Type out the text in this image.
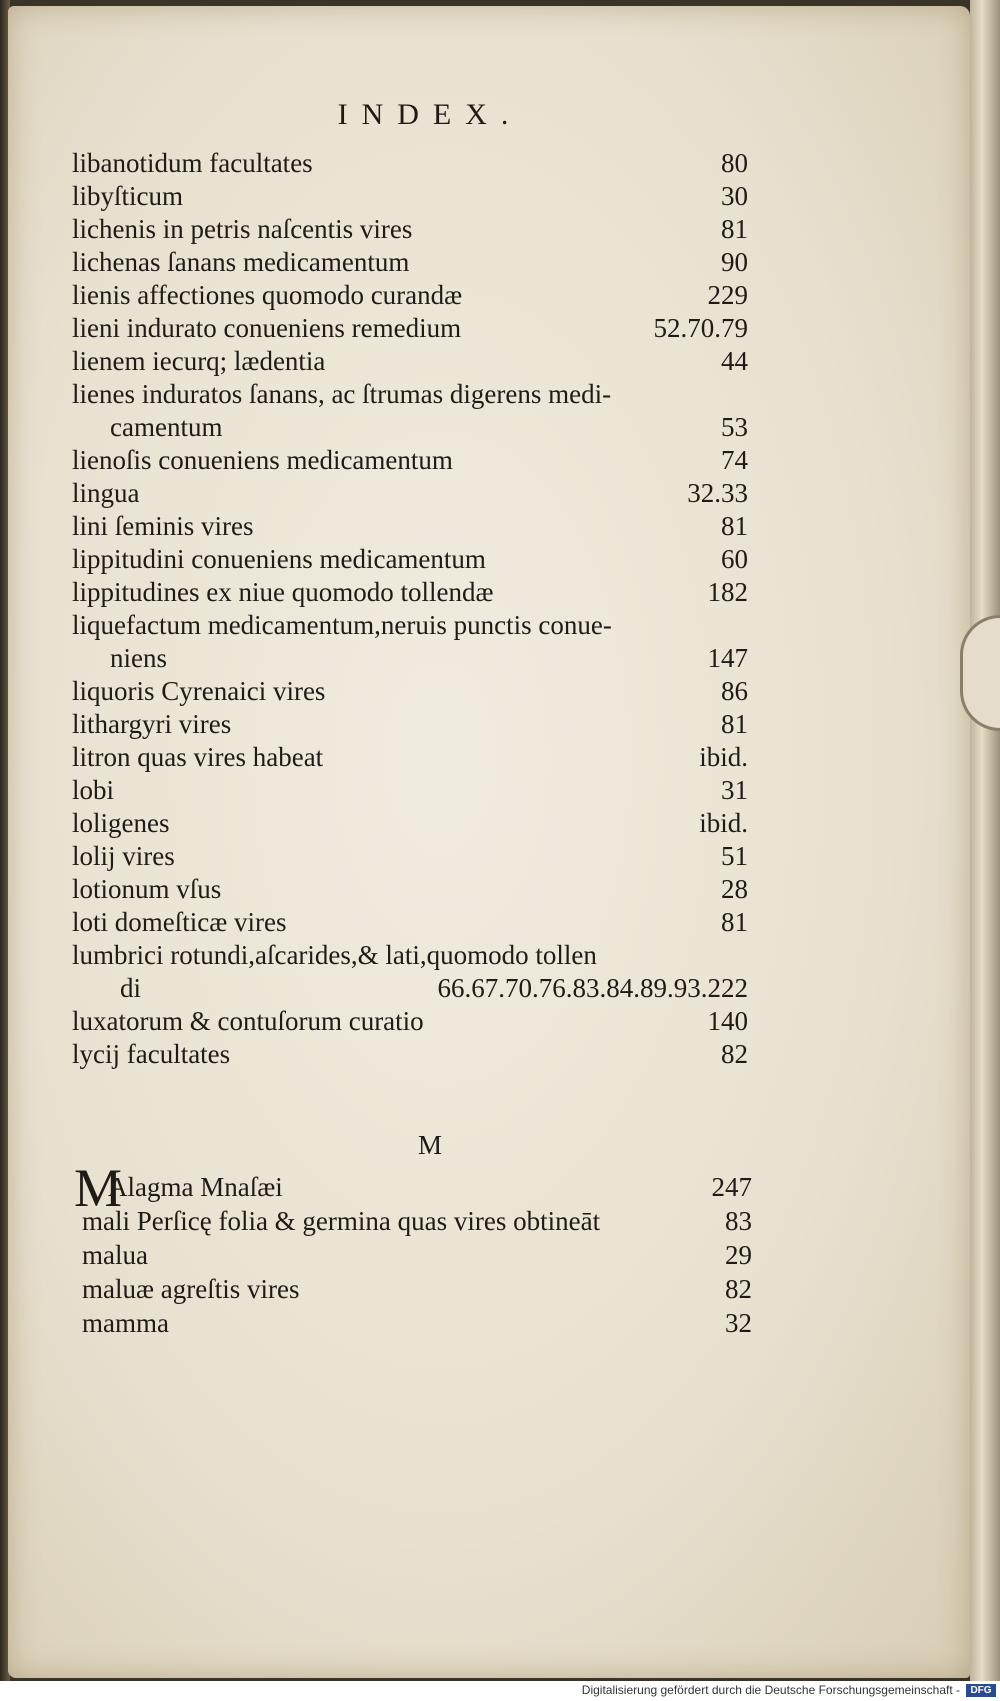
INDEX.
libanotidum facultates	80
libyſticum	30
lichenis in petris naſcentis vires	81
lichenas ſanans medicamentum	90
lienis affectiones quomodo curandæ	229
lieni indurato conueniens remedium	52.70.79
lienem iecurq; lædentia	44
lienes induratos ſanans, ac ſtrumas digerens medi-
camentum	53
lienoſis conueniens medicamentum	74
lingua	32.33
lini ſeminis vires	81
lippitudini conueniens medicamentum	60
lippitudines ex niue quomodo tollendæ	182
liquefactum medicamentum,neruis punctis conue-
niens	147
liquoris Cyrenaici vires	86
lithargyri vires	81
litron quas vires habeat	ibid.
lobi	31
loligenes	ibid.
lolij vires	51
lotionum vſus	28
loti domeſticæ vires	81
lumbrici rotundi,aſcarides,& lati,quomodo tollen
di	66.67.70.76.83.84.89.93.222
luxatorum & contuſorum curatio	140
lycij facultates	82
M
M
Alagma Mnaſæi	247
mali Perſicę folia & germina quas vires obtineāt	83
malua	29
maluæ agreſtis vires	82
mamma	32
Digitalisierung gefördert durch die Deutsche Forschungsgemeinschaft -	DFG
